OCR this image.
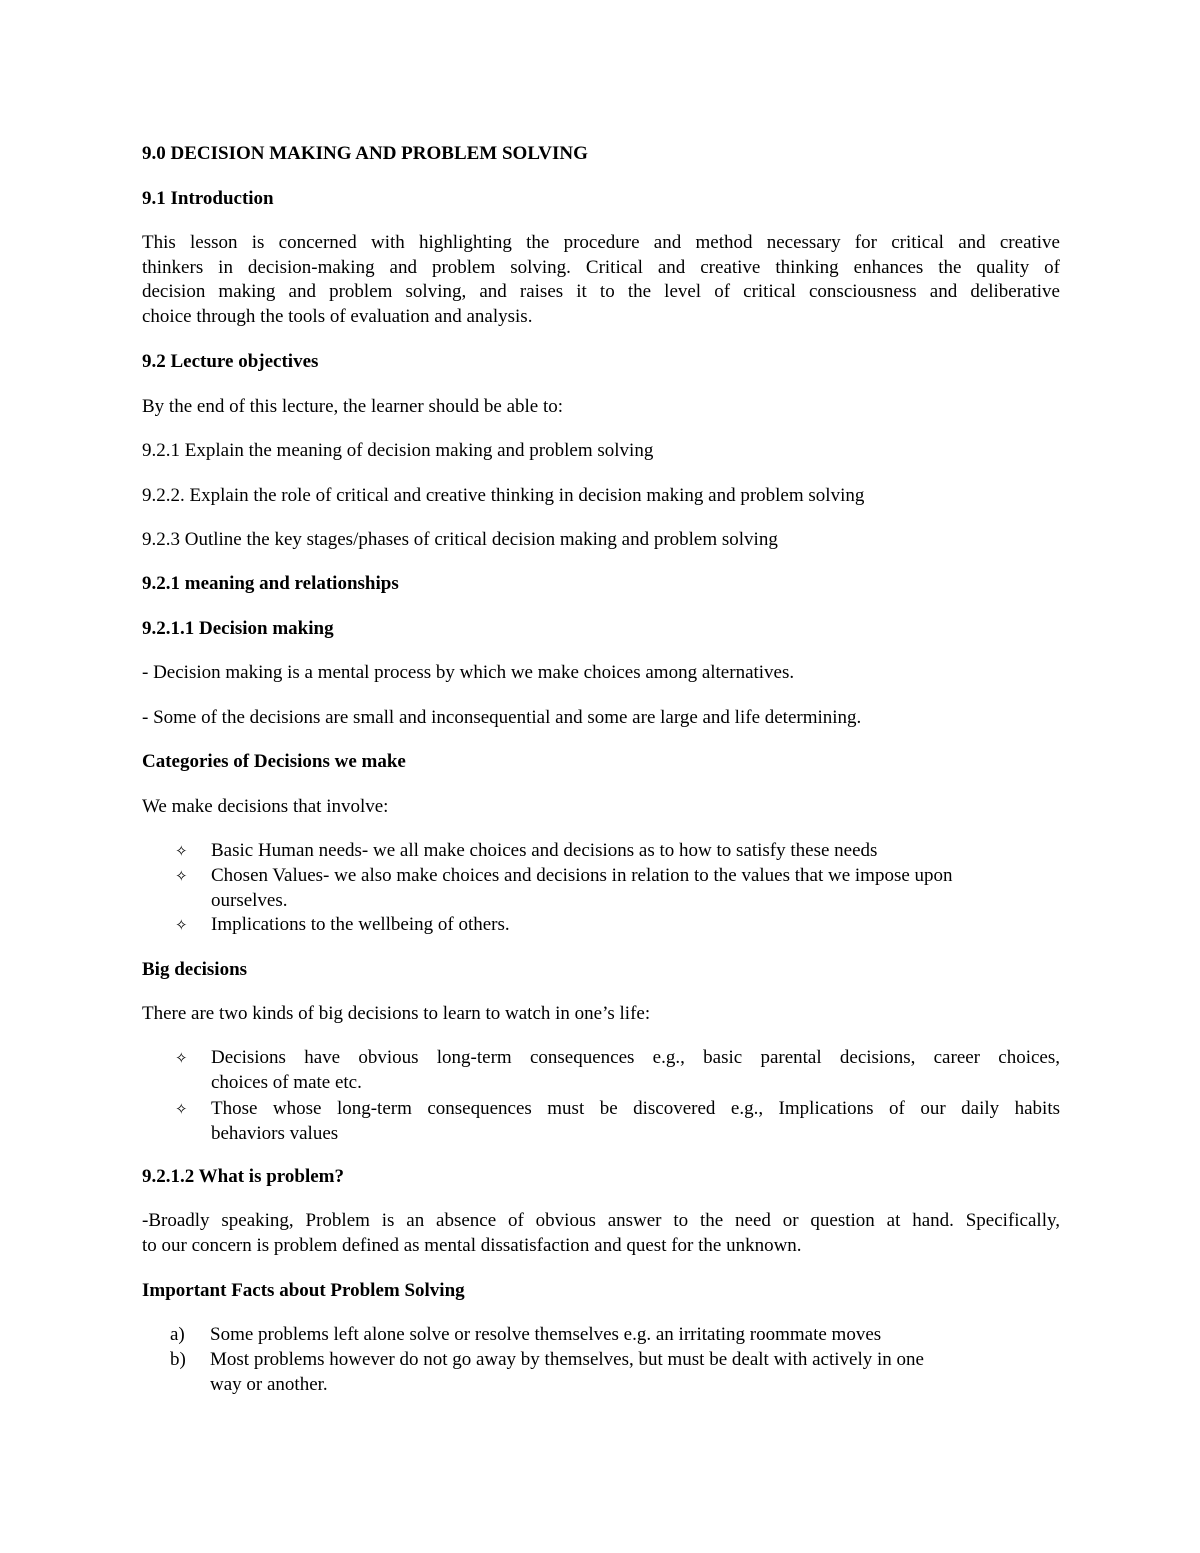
9.0 DECISION MAKING AND PROBLEM SOLVING
9.1 Introduction
This lesson is concerned with highlighting the procedure and method necessary for critical and creative
thinkers in decision-making and problem solving. Critical and creative thinking enhances the quality of
decision making and problem solving, and raises it to the level of critical consciousness and deliberative
choice through the tools of evaluation and analysis.
9.2 Lecture objectives
By the end of this lecture, the learner should be able to:
9.2.1 Explain the meaning of decision making and problem solving
9.2.2. Explain the role of critical and creative thinking in decision making and problem solving
9.2.3 Outline the key stages/phases of critical decision making and problem solving
9.2.1 meaning and relationships
9.2.1.1 Decision making
- Decision making is a mental process by which we make choices among alternatives.
- Some of the decisions are small and inconsequential and some are large and life determining.
Categories of Decisions we make
We make decisions that involve:
✧	Basic Human needs- we all make choices and decisions as to how to satisfy these needs
✧	Chosen Values- we also make choices and decisions in relation to the values that we impose upon
ourselves.
✧	Implications to the wellbeing of others.
Big decisions
There are two kinds of big decisions to learn to watch in one’s life:
✧	Decisions have obvious long-term consequences e.g., basic parental decisions, career choices,
choices of mate etc.
✧	Those whose long-term consequences must be discovered e.g., Implications of our daily habits
behaviors values
9.2.1.2 What is problem?
-Broadly speaking, Problem is an absence of obvious answer to the need or question at hand. Specifically,
to our concern is problem defined as mental dissatisfaction and quest for the unknown.
Important Facts about Problem Solving
a) Some problems left alone solve or resolve themselves e.g. an irritating roommate moves
b) Most problems however do not go away by themselves, but must be dealt with actively in one
way or another.
